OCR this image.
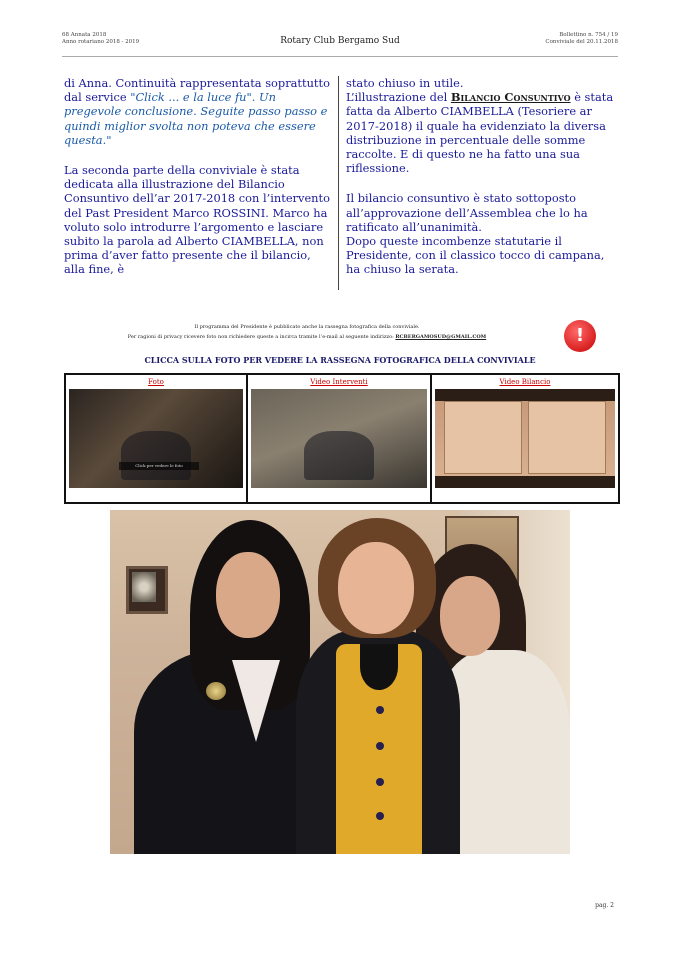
68 Annata 2018
Anno rotariano 2018 - 2019	Rotary Club Bergamo Sud
Bollettino n. 754 / 19
Conviviale del 20.11.2018

di Anna. Continuità rappresentata soprattutto dal service "Click ... e la luce fu". Un pregevole conclusione. Seguite passo passo e quindi miglior svolta non poteva che essere questa."

La seconda parte della conviviale è stata dedicata alla illustrazione del Bilancio Consuntivo dell’ar 2017-2018 con l’intervento del Past President Marco ROSSINI. Marco ha voluto solo introdurre l’argomento e lasciare subito la parola ad Alberto CIAMBELLA, non prima d’aver fatto presente che il bilancio, alla fine, è

stato chiuso in utile.

L’illustrazione del Bilancio Consuntivo è stata fatta da Alberto CIAMBELLA (Tesoriere ar 2017-2018) il quale ha evidenziato la diversa distribuzione in percentuale delle somme raccolte. E di questo ne ha fatto una sua riflessione.

Il bilancio consuntivo è stato sottoposto all’approvazione dell’Assemblea che lo ha ratificato all’unanimità.

Dopo queste incombenze statutarie il Presidente, con il classico tocco di campana, ha chiuso la serata.

Il programma del Presidente è pubblicato anche la rassegna fotografica della conviviale.
Per ragioni di privacy ricevere foto non richiedere queste a incirca tramite l’e-mail al seguente indirizzo: RCBERGAMOSUD@GMAIL.COM	!
CLICCA SULLA FOTO PER VEDERE LA RASSEGNA FOTOGRAFICA DELLA CONVIVIALE
Foto
Click per vedere le foto
Video Interventi	Video Bilancio
pag. 2
